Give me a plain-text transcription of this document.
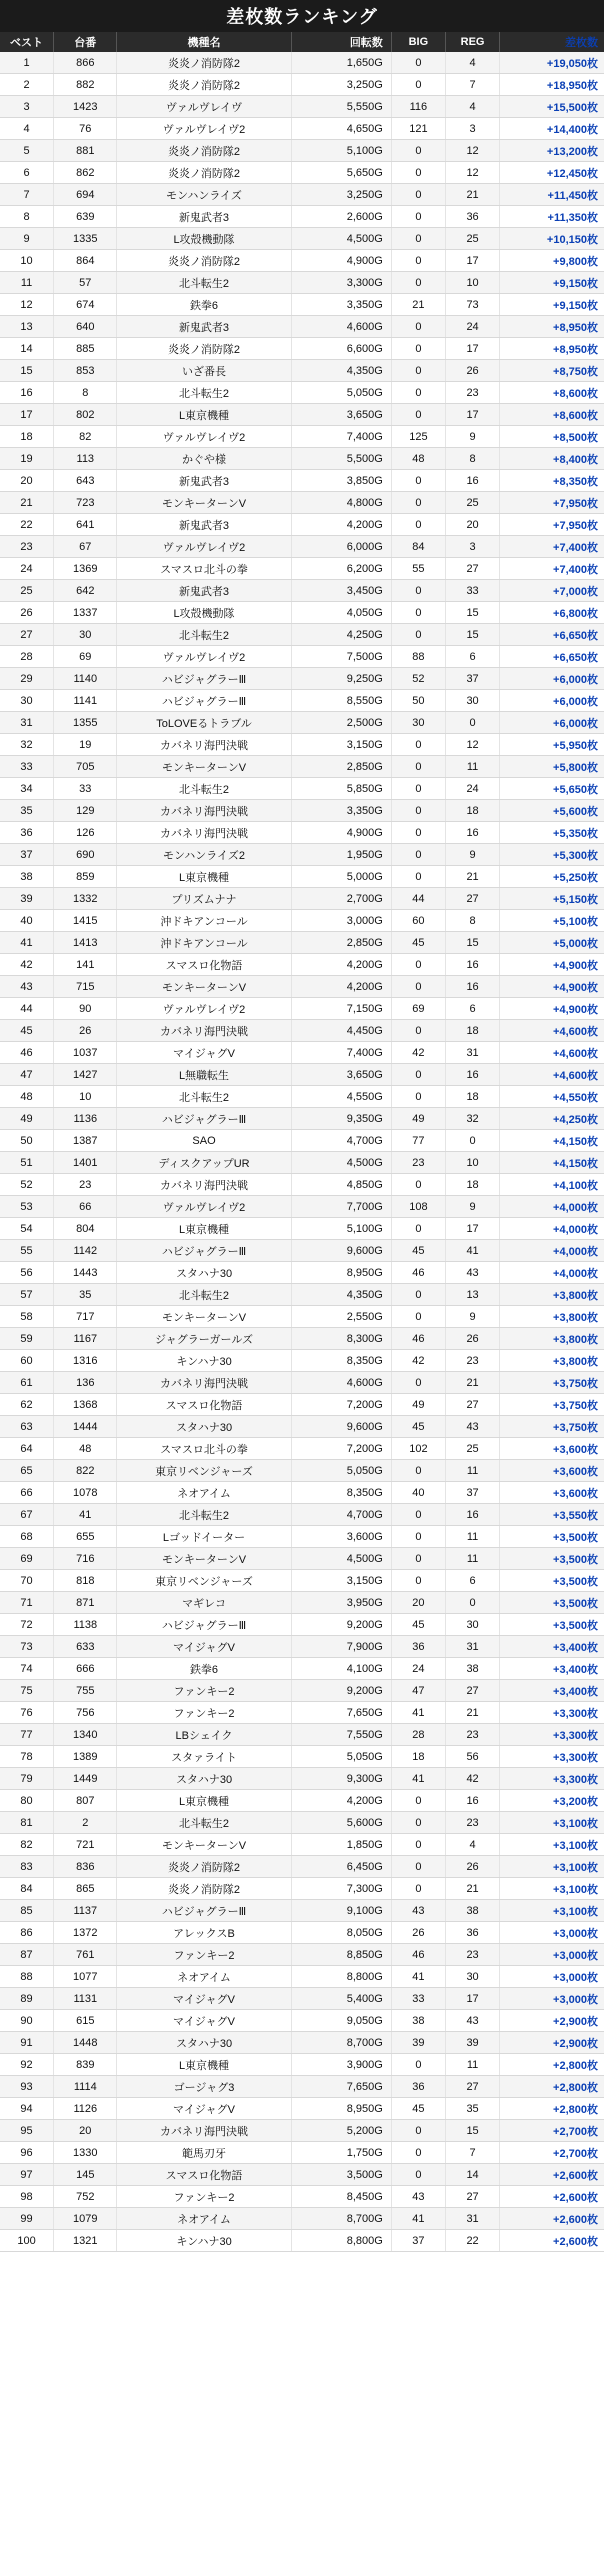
差枚数ランキング
ベスト	台番	機種名	回転数	BIG	REG	差枚数
1	866	炎炎ノ消防隊2	1,650G	0	4	+19,050枚
2	882	炎炎ノ消防隊2	3,250G	0	7	+18,950枚
3	1423	ヴァルヴレイヴ	5,550G	116	4	+15,500枚
4	76	ヴァルヴレイヴ2	4,650G	121	3	+14,400枚
5	881	炎炎ノ消防隊2	5,100G	0	12	+13,200枚
6	862	炎炎ノ消防隊2	5,650G	0	12	+12,450枚
7	694	モンハンライズ	3,250G	0	21	+11,450枚
8	639	新鬼武者3	2,600G	0	36	+11,350枚
9	1335	L攻殻機動隊	4,500G	0	25	+10,150枚
10	864	炎炎ノ消防隊2	4,900G	0	17	+9,800枚
11	57	北斗転生2	3,300G	0	10	+9,150枚
12	674	鉄拳6	3,350G	21	73	+9,150枚
13	640	新鬼武者3	4,600G	0	24	+8,950枚
14	885	炎炎ノ消防隊2	6,600G	0	17	+8,950枚
15	853	いざ番長	4,350G	0	26	+8,750枚
16	8	北斗転生2	5,050G	0	23	+8,600枚
17	802	L東京機種	3,650G	0	17	+8,600枚
18	82	ヴァルヴレイヴ2	7,400G	125	9	+8,500枚
19	113	かぐや様	5,500G	48	8	+8,400枚
20	643	新鬼武者3	3,850G	0	16	+8,350枚
21	723	モンキーターンV	4,800G	0	25	+7,950枚
22	641	新鬼武者3	4,200G	0	20	+7,950枚
23	67	ヴァルヴレイヴ2	6,000G	84	3	+7,400枚
24	1369	スマスロ北斗の拳	6,200G	55	27	+7,400枚
25	642	新鬼武者3	3,450G	0	33	+7,000枚
26	1337	L攻殻機動隊	4,050G	0	15	+6,800枚
27	30	北斗転生2	4,250G	0	15	+6,650枚
28	69	ヴァルヴレイヴ2	7,500G	88	6	+6,650枚
29	1140	ハビジャグラーⅢ	9,250G	52	37	+6,000枚
30	1141	ハビジャグラーⅢ	8,550G	50	30	+6,000枚
31	1355	ToLOVEるトラブル	2,500G	30	0	+6,000枚
32	19	カバネリ海門決戦	3,150G	0	12	+5,950枚
33	705	モンキーターンV	2,850G	0	11	+5,800枚
34	33	北斗転生2	5,850G	0	24	+5,650枚
35	129	カバネリ海門決戦	3,350G	0	18	+5,600枚
36	126	カバネリ海門決戦	4,900G	0	16	+5,350枚
37	690	モンハンライズ2	1,950G	0	9	+5,300枚
38	859	L東京機種	5,000G	0	21	+5,250枚
39	1332	プリズムナナ	2,700G	44	27	+5,150枚
40	1415	沖ドキアンコール	3,000G	60	8	+5,100枚
41	1413	沖ドキアンコール	2,850G	45	15	+5,000枚
42	141	スマスロ化物語	4,200G	0	16	+4,900枚
43	715	モンキーターンV	4,200G	0	16	+4,900枚
44	90	ヴァルヴレイヴ2	7,150G	69	6	+4,900枚
45	26	カバネリ海門決戦	4,450G	0	18	+4,600枚
46	1037	マイジャグV	7,400G	42	31	+4,600枚
47	1427	L無職転生	3,650G	0	16	+4,600枚
48	10	北斗転生2	4,550G	0	18	+4,550枚
49	1136	ハビジャグラーⅢ	9,350G	49	32	+4,250枚
50	1387	SAO	4,700G	77	0	+4,150枚
51	1401	ディスクアップUR	4,500G	23	10	+4,150枚
52	23	カバネリ海門決戦	4,850G	0	18	+4,100枚
53	66	ヴァルヴレイヴ2	7,700G	108	9	+4,000枚
54	804	L東京機種	5,100G	0	17	+4,000枚
55	1142	ハビジャグラーⅢ	9,600G	45	41	+4,000枚
56	1443	スタハナ30	8,950G	46	43	+4,000枚
57	35	北斗転生2	4,350G	0	13	+3,800枚
58	717	モンキーターンV	2,550G	0	9	+3,800枚
59	1167	ジャグラーガールズ	8,300G	46	26	+3,800枚
60	1316	キンハナ30	8,350G	42	23	+3,800枚
61	136	カバネリ海門決戦	4,600G	0	21	+3,750枚
62	1368	スマスロ化物語	7,200G	49	27	+3,750枚
63	1444	スタハナ30	9,600G	45	43	+3,750枚
64	48	スマスロ北斗の拳	7,200G	102	25	+3,600枚
65	822	東京リベンジャーズ	5,050G	0	11	+3,600枚
66	1078	ネオアイム	8,350G	40	37	+3,600枚
67	41	北斗転生2	4,700G	0	16	+3,550枚
68	655	Lゴッドイーター	3,600G	0	11	+3,500枚
69	716	モンキーターンV	4,500G	0	11	+3,500枚
70	818	東京リベンジャーズ	3,150G	0	6	+3,500枚
71	871	マギレコ	3,950G	20	0	+3,500枚
72	1138	ハビジャグラーⅢ	9,200G	45	30	+3,500枚
73	633	マイジャグV	7,900G	36	31	+3,400枚
74	666	鉄拳6	4,100G	24	38	+3,400枚
75	755	ファンキー2	9,200G	47	27	+3,400枚
76	756	ファンキー2	7,650G	41	21	+3,300枚
77	1340	LBシェイク	7,550G	28	23	+3,300枚
78	1389	スタァライト	5,050G	18	56	+3,300枚
79	1449	スタハナ30	9,300G	41	42	+3,300枚
80	807	L東京機種	4,200G	0	16	+3,200枚
81	2	北斗転生2	5,600G	0	23	+3,100枚
82	721	モンキーターンV	1,850G	0	4	+3,100枚
83	836	炎炎ノ消防隊2	6,450G	0	26	+3,100枚
84	865	炎炎ノ消防隊2	7,300G	0	21	+3,100枚
85	1137	ハビジャグラーⅢ	9,100G	43	38	+3,100枚
86	1372	アレックスB	8,050G	26	36	+3,000枚
87	761	ファンキー2	8,850G	46	23	+3,000枚
88	1077	ネオアイム	8,800G	41	30	+3,000枚
89	1131	マイジャグV	5,400G	33	17	+3,000枚
90	615	マイジャグV	9,050G	38	43	+2,900枚
91	1448	スタハナ30	8,700G	39	39	+2,900枚
92	839	L東京機種	3,900G	0	11	+2,800枚
93	1114	ゴージャグ3	7,650G	36	27	+2,800枚
94	1126	マイジャグV	8,950G	45	35	+2,800枚
95	20	カバネリ海門決戦	5,200G	0	15	+2,700枚
96	1330	範馬刃牙	1,750G	0	7	+2,700枚
97	145	スマスロ化物語	3,500G	0	14	+2,600枚
98	752	ファンキー2	8,450G	43	27	+2,600枚
99	1079	ネオアイム	8,700G	41	31	+2,600枚
100	1321	キンハナ30	8,800G	37	22	+2,600枚
